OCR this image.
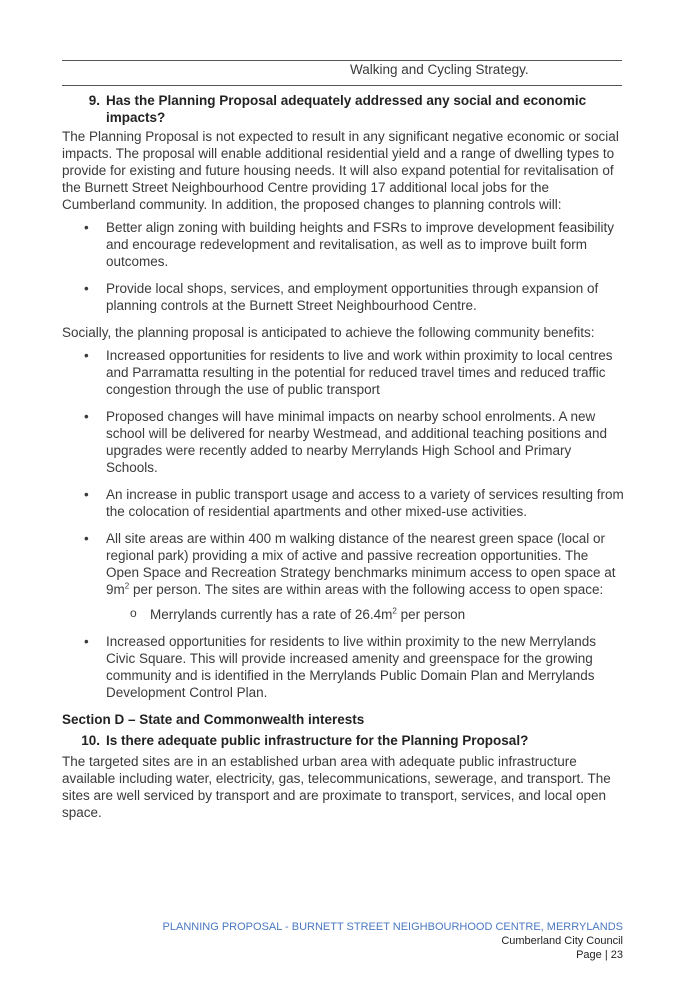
Walking and Cycling Strategy.
9. Has the Planning Proposal adequately addressed any social and economic impacts?

The Planning Proposal is not expected to result in any significant negative economic or social impacts. The proposal will enable additional residential yield and a range of dwelling types to provide for existing and future housing needs. It will also expand potential for revitalisation of the Burnett Street Neighbourhood Centre providing 17 additional local jobs for the Cumberland community. In addition, the proposed changes to planning controls will:

• Better align zoning with building heights and FSRs to improve development feasibility and encourage redevelopment and revitalisation, as well as to improve built form outcomes.
• Provide local shops, services, and employment opportunities through expansion of planning controls at the Burnett Street Neighbourhood Centre.

Socially, the planning proposal is anticipated to achieve the following community benefits:

• Increased opportunities for residents to live and work within proximity to local centres and Parramatta resulting in the potential for reduced travel times and reduced traffic congestion through the use of public transport
• Proposed changes will have minimal impacts on nearby school enrolments. A new school will be delivered for nearby Westmead, and additional teaching positions and upgrades were recently added to nearby Merrylands High School and Primary Schools.
• An increase in public transport usage and access to a variety of services resulting from the colocation of residential apartments and other mixed-use activities.
• All site areas are within 400 m walking distance of the nearest green space (local or regional park) providing a mix of active and passive recreation opportunities. The Open Space and Recreation Strategy benchmarks minimum access to open space at $9m^2$ per person. The sites are within areas with the following access to open space:
o Merrylands currently has a rate of $26.4m^2$ per person
• Increased opportunities for residents to live within proximity to the new Merrylands Civic Square. This will provide increased amenity and greenspace for the growing community and is identified in the Merrylands Public Domain Plan and Merrylands Development Control Plan.
Section D – State and Commonwealth interests
10. Is there adequate public infrastructure for the Planning Proposal?

The targeted sites are in an established urban area with adequate public infrastructure available including water, electricity, gas, telecommunications, sewerage, and transport. The sites are well serviced by transport and are proximate to transport, services, and local open space.

PLANNING PROPOSAL - BURNETT STREET NEIGHBOURHOOD CENTRE, MERRYLANDS
Cumberland City Council
Page | 23
